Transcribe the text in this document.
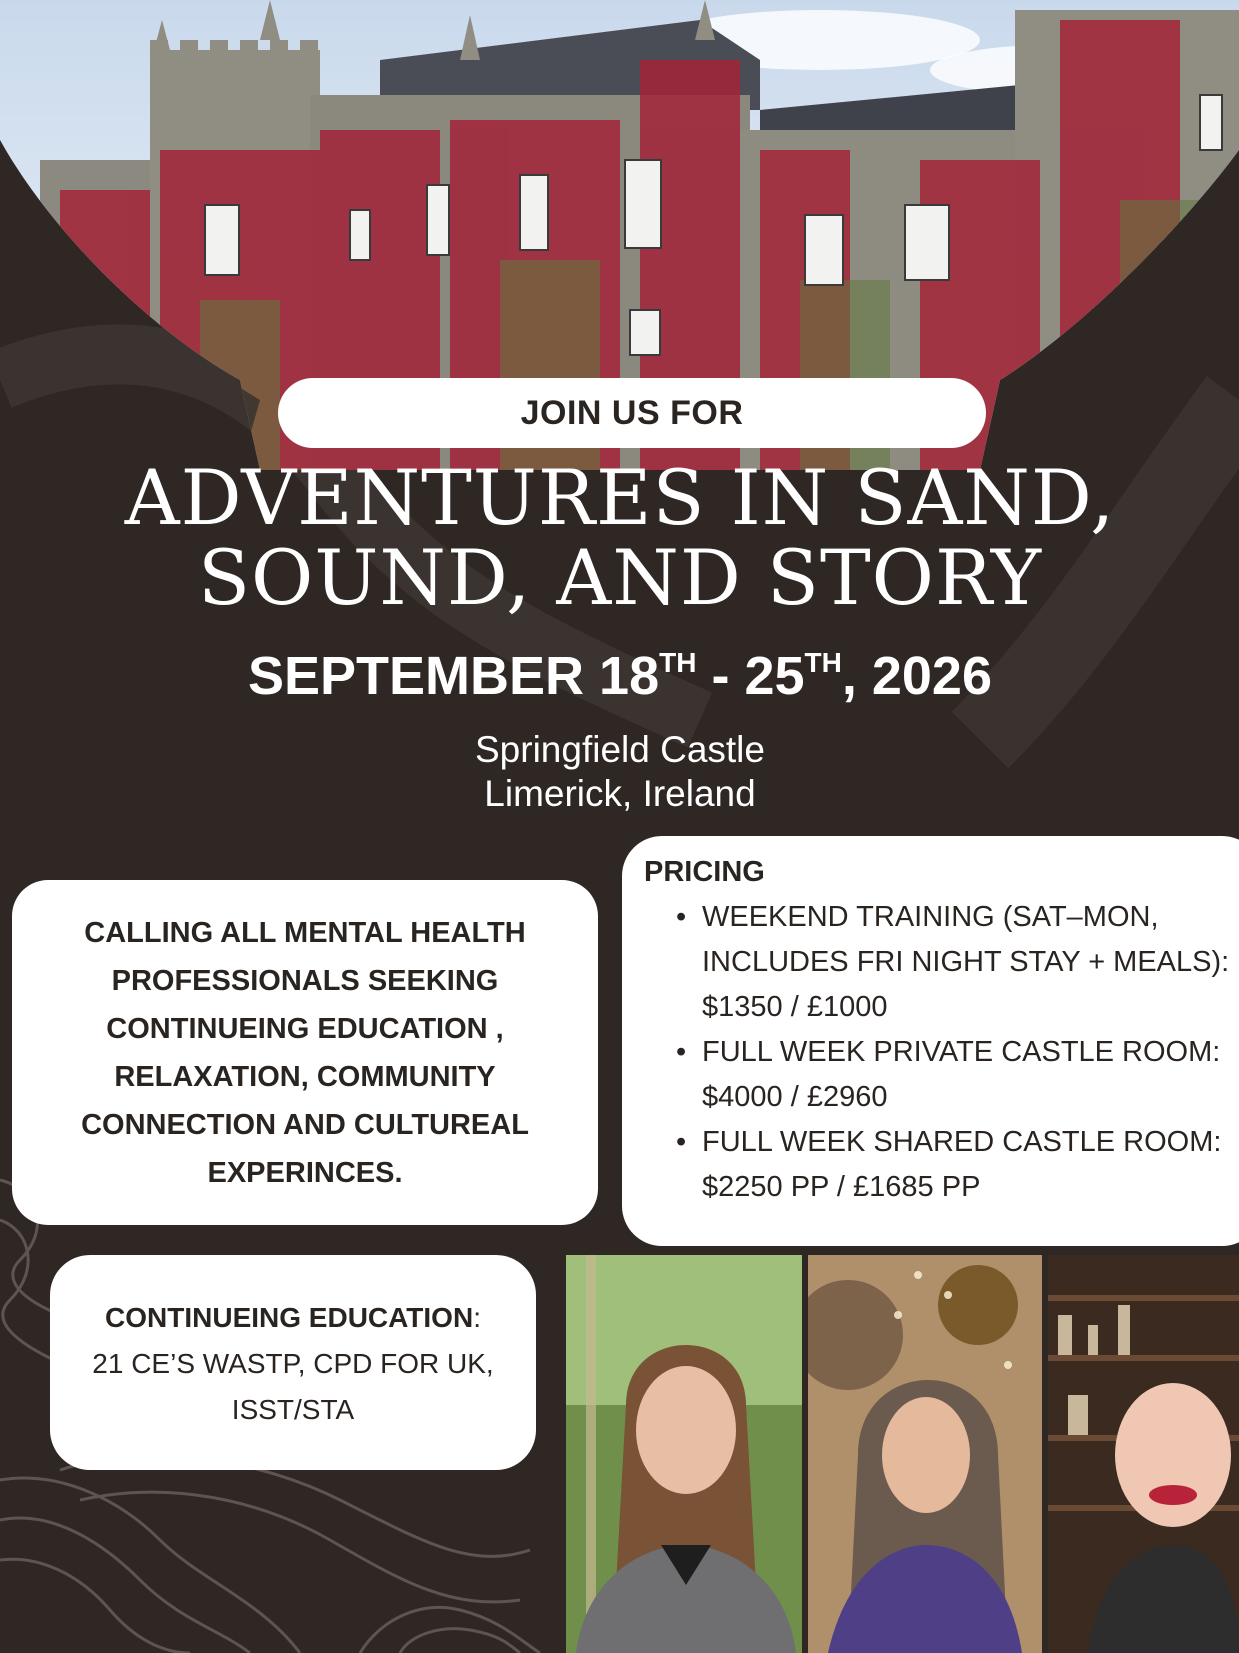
JOIN US FOR
ADVENTURES IN SAND,
SOUND, AND STORY
SEPTEMBER 18TH - 25TH, 2026
Springfield Castle
Limerick, Ireland
CALLING ALL MENTAL HEALTH PROFESSIONALS SEEKING CONTINUEING EDUCATION , RELAXATION, COMMUNITY CONNECTION AND CULTUREAL EXPERINCES.
PRICING
• WEEKEND TRAINING (SAT–MON, INCLUDES FRI NIGHT STAY + MEALS): $1350 / £1000
• FULL WEEK PRIVATE CASTLE ROOM: $4000 / £2960
• FULL WEEK SHARED CASTLE ROOM: $2250 PP / £1685 PP
CONTINUEING EDUCATION:
21 CE’S WASTP, CPD FOR UK, ISST/STA
